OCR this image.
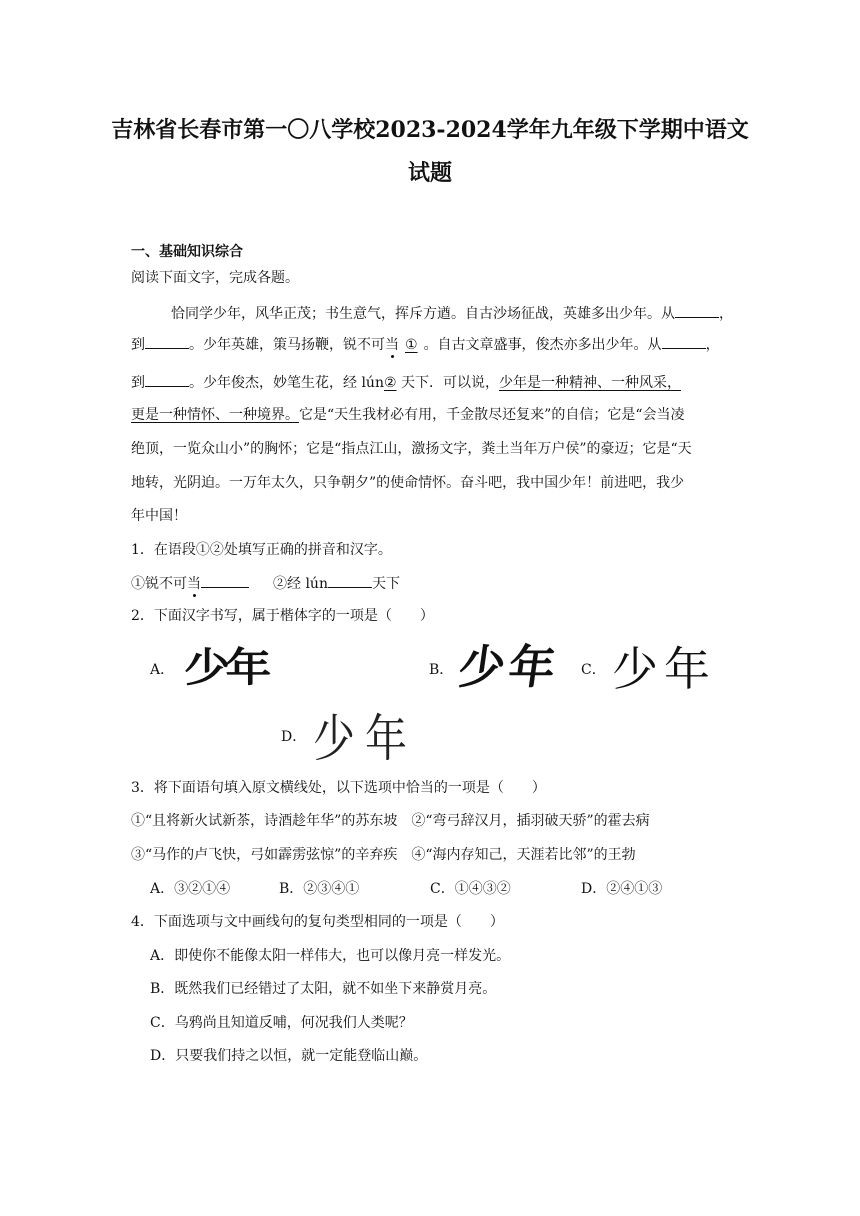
吉林省长春市第一〇八学校2023-2024学年九年级下学期中语文
试题
一、基础知识综合
阅读下面文字，完成各题。
恰同学少年，风华正茂；书生意气，挥斥方遒。自古沙场征战，英雄多出少年。从	，
到	。少年英雄，策马扬鞭，锐不可当 ① 。自古文章盛事，俊杰亦多出少年。从	，
到	。少年俊杰，妙笔生花，经 lún② 天下．可以说，少年是一种精神、一种风采，
更是一种情怀、一种境界。它是“天生我材必有用，千金散尽还复来”的自信；它是“会当凌
绝顶，一览众山小”的胸怀；它是“指点江山，激扬文字，粪土当年万户侯”的豪迈；它是“天
地转，光阴迫。一万年太久，只争朝夕”的使命情怀。奋斗吧，我中国少年！前进吧，我少
年中国！
1．在语段①②处填写正确的拼音和汉字。
①锐不可当	②经 lún	天下
2．下面汉字书写，属于楷体字的一项是（　　）
A． 少年	B． 少年 C． 少年
D． 少年
3．将下面语句填入原文横线处，以下选项中恰当的一项是（　　）
①“且将新火试新茶，诗酒趁年华”的苏东坡 ②“弯弓辞汉月，插羽破天骄”的霍去病
③“马作的卢飞快，弓如霹雳弦惊”的辛弃疾 ④“海内存知己，天涯若比邻”的王勃
A．③②①④	B．②③④①	C．①④③②	D．②④①③
4．下面选项与文中画线句的复句类型相同的一项是（　　）
A．即使你不能像太阳一样伟大，也可以像月亮一样发光。
B．既然我们已经错过了太阳，就不如坐下来静赏月亮。
C．乌鸦尚且知道反哺，何况我们人类呢？
D．只要我们持之以恒，就一定能登临山巅。
